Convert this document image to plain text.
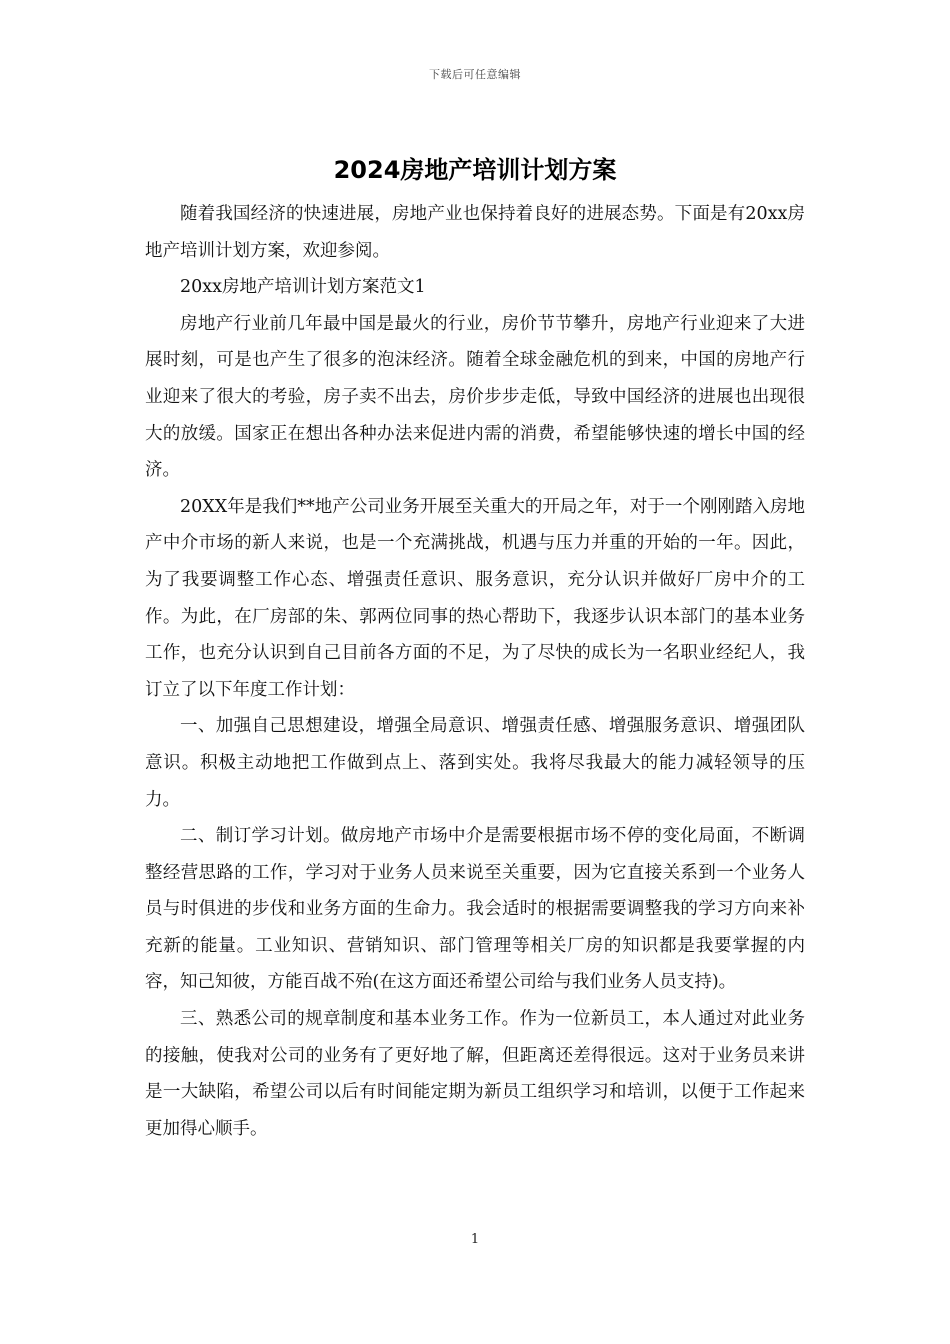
下载后可任意编辑
2024房地产培训计划方案

随着我国经济的快速进展，房地产业也保持着良好的进展态势。下面是有20xx房地产培训计划方案，欢迎参阅。

20xx房地产培训计划方案范文1

房地产行业前几年最中国是最火的行业，房价节节攀升，房地产行业迎来了大进展时刻，可是也产生了很多的泡沫经济。随着全球金融危机的到来，中国的房地产行业迎来了很大的考验，房子卖不出去，房价步步走低，导致中国经济的进展也出现很大的放缓。国家正在想出各种办法来促进内需的消费，希望能够快速的增长中国的经济。

20XX年是我们**地产公司业务开展至关重大的开局之年，对于一个刚刚踏入房地产中介市场的新人来说，也是一个充满挑战，机遇与压力并重的开始的一年。因此，为了我要调整工作心态、增强责任意识、服务意识，充分认识并做好厂房中介的工作。为此，在厂房部的朱、郭两位同事的热心帮助下，我逐步认识本部门的基本业务工作，也充分认识到自己目前各方面的不足，为了尽快的成长为一名职业经纪人，我订立了以下年度工作计划：

一、加强自己思想建设，增强全局意识、增强责任感、增强服务意识、增强团队意识。积极主动地把工作做到点上、落到实处。我将尽我最大的能力减轻领导的压力。

二、制订学习计划。做房地产市场中介是需要根据市场不停的变化局面，不断调整经营思路的工作，学习对于业务人员来说至关重要，因为它直接关系到一个业务人员与时俱进的步伐和业务方面的生命力。我会适时的根据需要调整我的学习方向来补充新的能量。工业知识、营销知识、部门管理等相关厂房的知识都是我要掌握的内容，知己知彼，方能百战不殆(在这方面还希望公司给与我们业务人员支持)。

三、熟悉公司的规章制度和基本业务工作。作为一位新员工，本人通过对此业务的接触，使我对公司的业务有了更好地了解，但距离还差得很远。这对于业务员来讲是一大缺陷，希望公司以后有时间能定期为新员工组织学习和培训，以便于工作起来更加得心顺手。

1
